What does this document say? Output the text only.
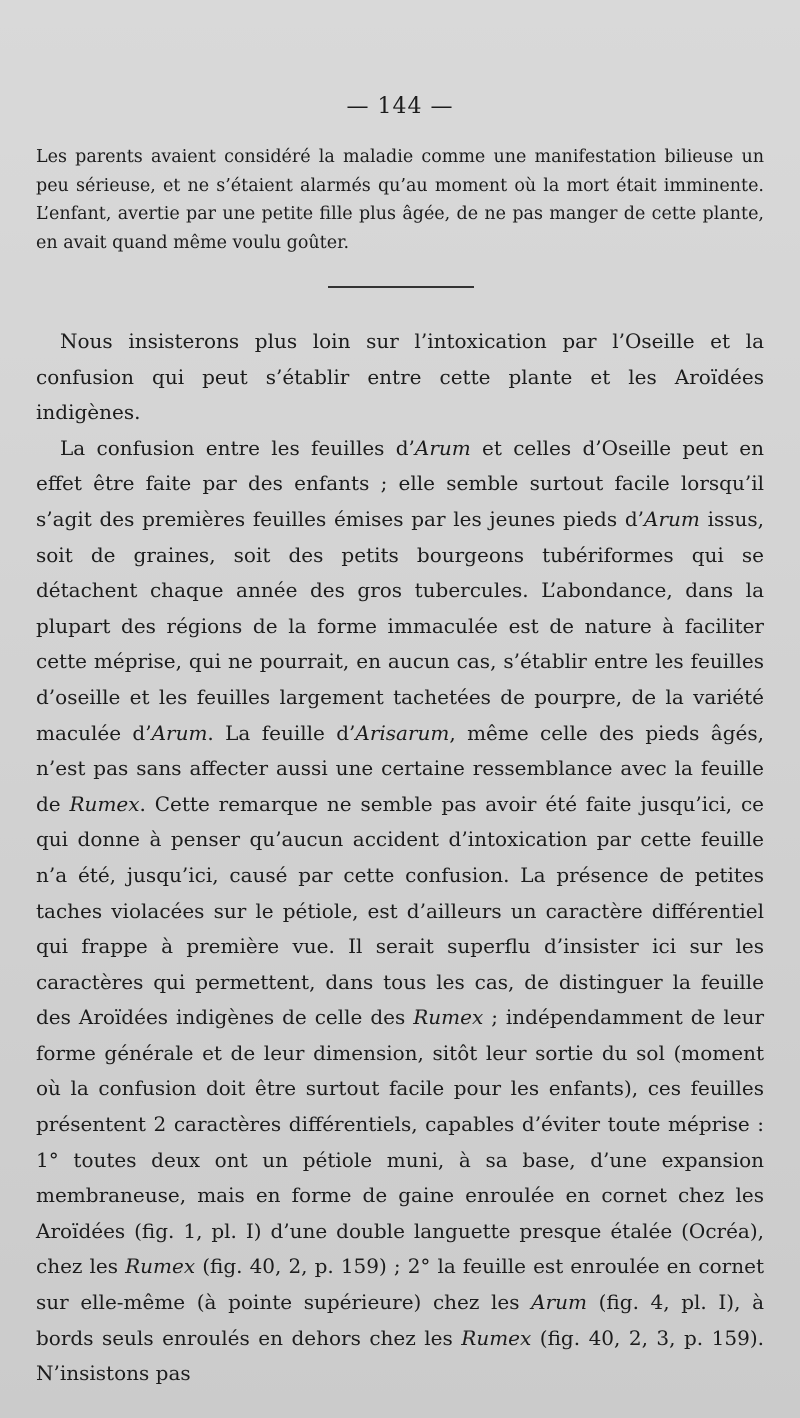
— 144 —

Les parents avaient considéré la maladie comme une manifestation bilieuse un peu sérieuse, et ne s’étaient alarmés qu’au moment où la mort était imminente. L’enfant, avertie par une petite fille plus âgée, de ne pas manger de cette plante, en avait quand même voulu goûter.

Nous insisterons plus loin sur l’intoxication par l’Oseille et la confusion qui peut s’établir entre cette plante et les Aroïdées indigènes.

La confusion entre les feuilles d’Arum et celles d’Oseille peut en effet être faite par des enfants ; elle semble surtout facile lorsqu’il s’agit des premières feuilles émises par les jeunes pieds d’Arum issus, soit de graines, soit des petits bourgeons tubériformes qui se détachent chaque année des gros tubercules. L’abondance, dans la plupart des régions de la forme immaculée est de nature à faciliter cette méprise, qui ne pourrait, en aucun cas, s’établir entre les feuilles d’oseille et les feuilles largement tachetées de pourpre, de la variété maculée d’Arum. La feuille d’Arisarum, même celle des pieds âgés, n’est pas sans affecter aussi une certaine ressemblance avec la feuille de Rumex. Cette remarque ne semble pas avoir été faite jusqu’ici, ce qui donne à penser qu’aucun accident d’intoxication par cette feuille n’a été, jusqu’ici, causé par cette confusion. La présence de petites taches violacées sur le pétiole, est d’ailleurs un caractère différentiel qui frappe à première vue. Il serait superflu d’insister ici sur les caractères qui permettent, dans tous les cas, de distinguer la feuille des Aroïdées indigènes de celle des Rumex ; indépendamment de leur forme générale et de leur dimension, sitôt leur sortie du sol (moment où la confusion doit être surtout facile pour les enfants), ces feuilles présentent 2 caractères différentiels, capables d’éviter toute méprise : 1° toutes deux ont un pétiole muni, à sa base, d’une expansion membraneuse, mais en forme de gaine enroulée en cornet chez les Aroïdées (fig. 1, pl. I) d’une double languette presque étalée (Ocréa), chez les Rumex (fig. 40, 2, p. 159) ; 2° la feuille est enroulée en cornet sur elle-même (à pointe supérieure) chez les Arum (fig. 4, pl. I), à bords seuls enroulés en dehors chez les Rumex (fig. 40, 2, 3, p. 159). N’insistons pas
